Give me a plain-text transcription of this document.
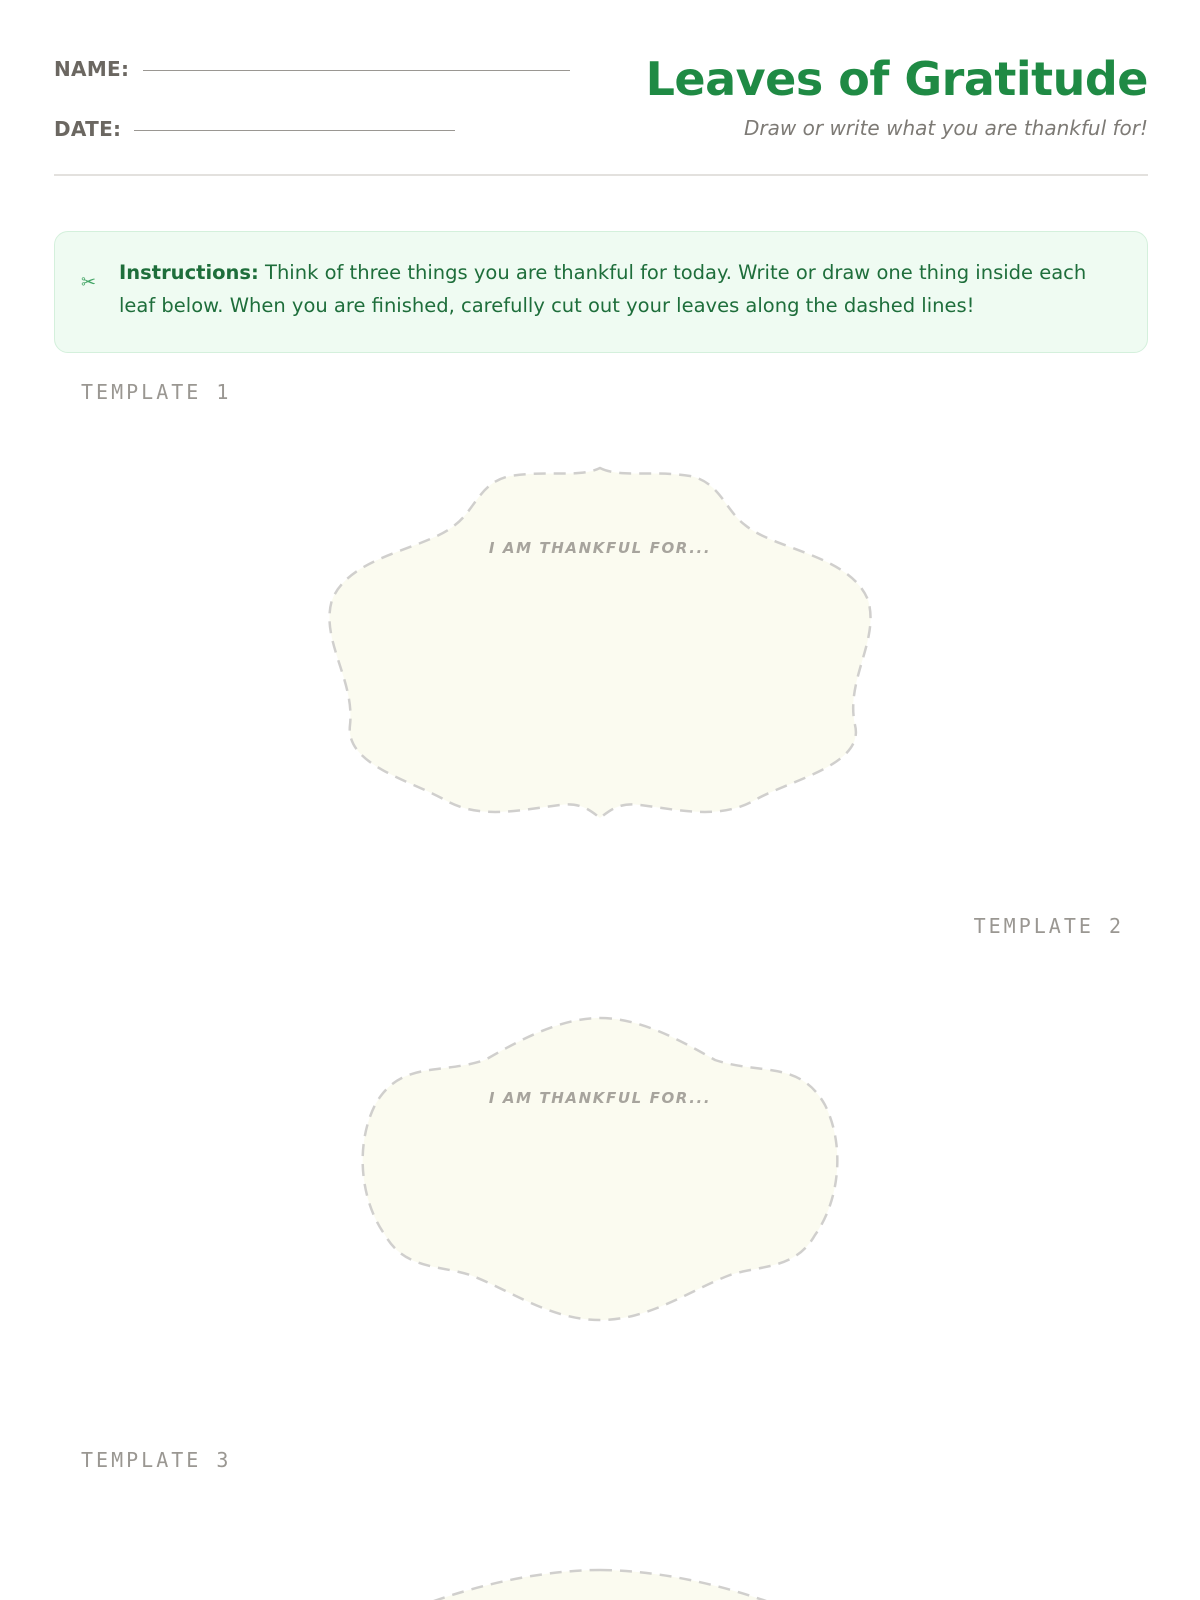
NAME:
DATE:
Leaves of Gratitude
Draw or write what you are thankful for!
✂ Instructions: Think of three things you are thankful for today. Write or draw one thing inside each leaf below. When you are finished, carefully cut out your leaves along the dashed lines!
TEMPLATE 1
TEMPLATE 2
TEMPLATE 3
I AM THANKFUL FOR...
I AM THANKFUL FOR...
